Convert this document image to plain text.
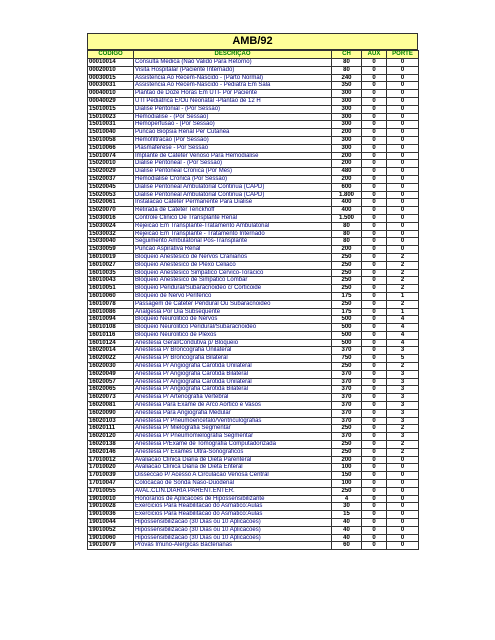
AMB/92
CODIGO	DESCRIÇÃO	CH	AUX	PORTE
00010014	Consulta Medica (Nao Valido Para Retorno)	80	0	0
00020010	Visita Hospitalar (Paciente Internado)	80	0	0
00030015	Assistencia Ao Recem-Nascido - (Parto Normal)	240	0	0
00030031	Assistencia Ao Recem-Nascido - Pediatra Em Sala	350	0	0
00040010	Plantao de Doze Horas Em UTI- Por Paciente	300	0	0
00040029	UTI Pediatrica E/Ou Neonatal -Plantao de 12 H	300	0	0
15010015	Dialise Peritonial - (Por Sessao)	300	0	0
15010023	Hemodialise - (Por Sessao)	300	0	0
15010031	Hemoperfusao - (Por Sessao)	300	0	0
15010040	Puncao Biopsia Renal Per Cutanea	200	0	0
15010058	Hemofiltracao (Por Sessao)	300	0	0
15010066	Plasmaferese - Por Sessao	300	0	0
15010074	Implante de Cateter Venoso Para Hemodialise	200	0	0
15020010	Dialise Peritoneal - (Por Sessao)	200	0	0
15020029	Dialise Peritoneal Cronica (Por Mes)	480	0	0
15020037	Hemodialise Cronica (Por Sessao)	200	0	0
15020045	Dialise Peritoneal Ambulatorial Continua (CAPD)	600	0	0
15020053	Dialise Peritoneal Ambulatorial Continua (CAPD)	1.800	0	0
15020061	Instalacao Cateter Permanente Para Dialise	400	0	0
15020070	Retirada de Cateter Tenckhoff	400	0	0
15030016	Controle Clinico De Transplante Renal	1.500	0	0
15030024	Rejeicao Em Transplante-Tratamento Ambulatorial	80	0	0
15030032	Rejeicao Em Transplante - Tratamento Internado	80	0	0
15030040	Seguimento Ambulatorial Pos-Transplante	80	0	0
15030059	Puncao Aspirativa Renal	200	0	0
16010019	Bloqueio Anestesico de Nervos Cranianos	250	0	2
16010027	Bloqueio Anestesico de Plexo Celiaco	250	0	2
16010035	Bloqueio Anestesico Simpatico Cervico-Toracico	250	0	2
16010043	Bloqueio Anestesico de Simpatico Lombar	250	0	2
16010051	Bloqueio Peridural/Subaracnoideo c/ Corticoide	250	0	2
16010060	Bloqueio de Nervo Periferico	175	0	1
16010078	Passagem de Cateter Peridural Ou Subaracnoideo	250	0	2
16010086	Analgesia Por Dia Subsequente	175	0	1
16010094	Bloqueio Neurolitico de Nervos	500	0	4
16010108	Bloqueio Neurolitico Peridural/Subaracnoideo	500	0	4
16010116	Bloqueio Neurolitico de Plexos	500	0	4
16010124	Anestesia Geral/Condutiva p/ Bloqueio	500	0	4
16020014	Anestesia P/ Broncografia Unilateral	370	0	3
16020022	Anestesia P/ Broncografia Bilateral	750	0	5
16020030	Anestesia P/ Angiografia Carotida Unilateral	250	0	2
16020049	Anestesia P/ Angiografia Carotida Bilateral	370	0	3
16020057	Anestesia P/ Angiografia Carotida Unilateral	370	0	3
16020065	Anestesia P/ Angiografia Carotida Bilateral	370	0	3
16020073	Anestesia P/ Arteriografia Vertebral	370	0	3
16020081	Anestesia Para Exame de Arco Aortico e Vasos	370	0	3
16020090	Anestesia Para Angiografia Medular	370	0	3
16020103	Anestesia P/ Pneumoencefalo/Ventriculografias	370	0	3
16020111	Anestesia P/ Mielografia Segmentar	250	0	2
16020120	Anestesia P/ Pneumomielografia Segmentar	370	0	3
16020138	Anestesia P/Exame de Tomografia Computadorizada	250	0	2
16020146	Anestesia P/ Exames Ultra-Sonograficos	250	0	2
17010012	Avaliacao Clinica Diaria de Dieta Parenteral	200	0	0
17010020	Avaliacao Clinica Diaria de Dieta Enteral	100	0	0
17010039	Disseccao P/ Acesso A Circulacao Venosa Central	150	0	0
17010047	Colocacao de Sonda Naso-Duodenal	100	0	0
17010055	AVAL.CLIN.DIARIA PARENT.ENTER.	250	0	0
19010010	Honorarios de Aplicacoes de Hipossensibilizante	4	0	0
19010028	Exercicios Para Reabilitacao do Asmatico:Aulas	30	0	0
19010036	Exercicios Para Reabilitacao do Asmatico:Aulas	15	0	0
19010044	Hipossensibilizacao (30 Dias ou 10 Aplicacoes)	40	0	0
19010052	Hipossensibilizacao (30 Dias ou 10 Aplicacoes)	40	0	0
19010060	Hipossensibilizacao (30 Dias ou 10 Aplicacoes)	40	0	0
19010079	Provas Imuno-Alergicas Bacterianas	60	0	0
